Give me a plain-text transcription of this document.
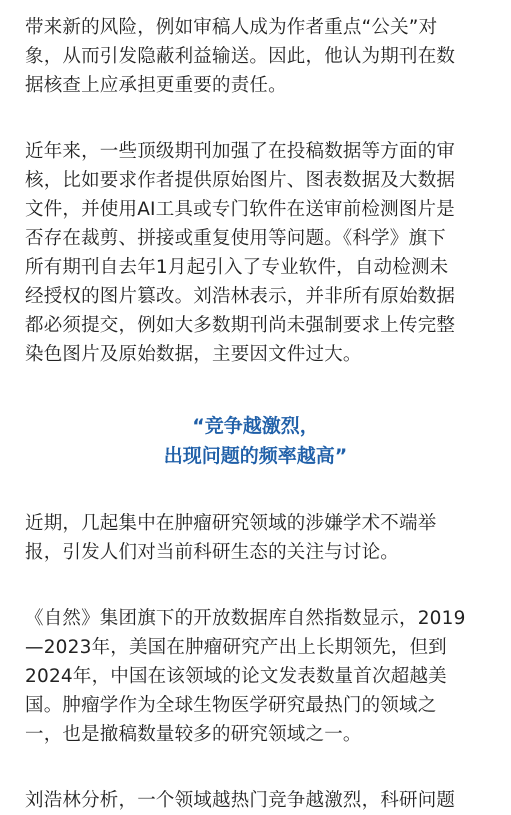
带来新的风险，例如审稿人成为作者重点“公关”对
象，从而引发隐蔽利益输送。因此，他认为期刊在数
据核查上应承担更重要的责任。
近年来，一些顶级期刊加强了在投稿数据等方面的审
核，比如要求作者提供原始图片、图表数据及大数据
文件，并使用AI工具或专门软件在送审前检测图片是
否存在裁剪、拼接或重复使用等问题。《科学》旗下
所有期刊自去年1月起引入了专业软件，自动检测未
经授权的图片篡改。刘浩林表示，并非所有原始数据
都必须提交，例如大多数期刊尚未强制要求上传完整
染色图片及原始数据，主要因文件过大。
“竞争越激烈，
出现问题的频率越高”
近期，几起集中在肿瘤研究领域的涉嫌学术不端举
报，引发人们对当前科研生态的关注与讨论。
《自然》集团旗下的开放数据库自然指数显示，2019
—2023年，美国在肿瘤研究产出上长期领先，但到
2024年，中国在该领域的论文发表数量首次超越美
国。肿瘤学作为全球生物医学研究最热门的领域之
一，也是撤稿数量较多的研究领域之一。
刘浩林分析，一个领域越热门竞争越激烈，科研问题
